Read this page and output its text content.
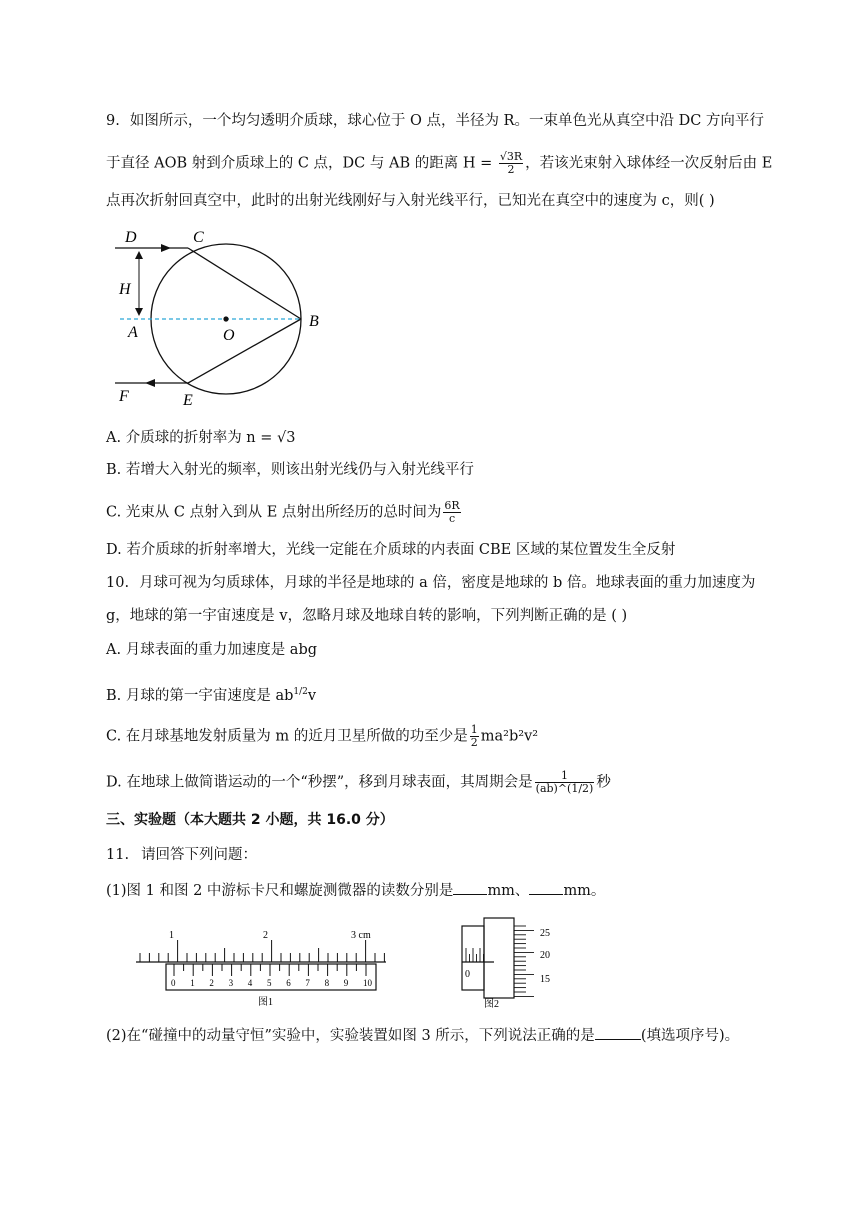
9. 如图所示，一个均匀透明介质球，球心位于 O 点，半径为 R。一束单色光从真空中沿 DC 方向平行
于直径 AOB 射到介质球上的 C 点，DC 与 AB 的距离 $H = \frac{√3R}{2}$ ，若该光束射入球体经一次反射后由 E
点再次折射回真空中，此时的出射光线刚好与入射光线平行，已知光在真空中的速度为 c，则( )
D	C
H
A	O
B
F	E
A. 介质球的折射率为 n = √3
B. 若增大入射光的频率，则该出射光线仍与入射光线平行
C. 光束从 C 点射入到从 E 点射出所经历的总时间为 $\frac{6R}{c}$
D. 若介质球的折射率增大，光线一定能在介质球的内表面 CBE 区域的某位置发生全反射
10. 月球可视为匀质球体，月球的半径是地球的 a 倍，密度是地球的 b 倍。地球表面的重力加速度为
g，地球的第一宇宙速度是 v，忽略月球及地球自转的影响，下列判断正确的是 ( )
A. 月球表面的重力加速度是 abg
B. 月球的第一宇宙速度是 $ab^{1/2}v$
C. 在月球基地发射质量为 m 的近月卫星所做的功至少是 $\frac{1}{2} ma^2b^2v^2$
D. 在地球上做简谐运动的一个“秒摆”，移到月球表面，其周期会是 $\frac{1}{(ab)\^{}(1/2)}$ 秒
三、实验题（本大题共 2 小题，共 16.0 分）
11. 请回答下列问题：
(1)图 1 和图 2 中游标卡尺和螺旋测微器的读数分别是 mm、 mm。
1	2	3 cm
0 1 2 3 4 5 6 7 8 9 10
图1
25
20
15
0
图2
(2)在“碰撞中的动量守恒”实验中，实验装置如图 3 所示，下列说法正确的是	(填选项序号)。
